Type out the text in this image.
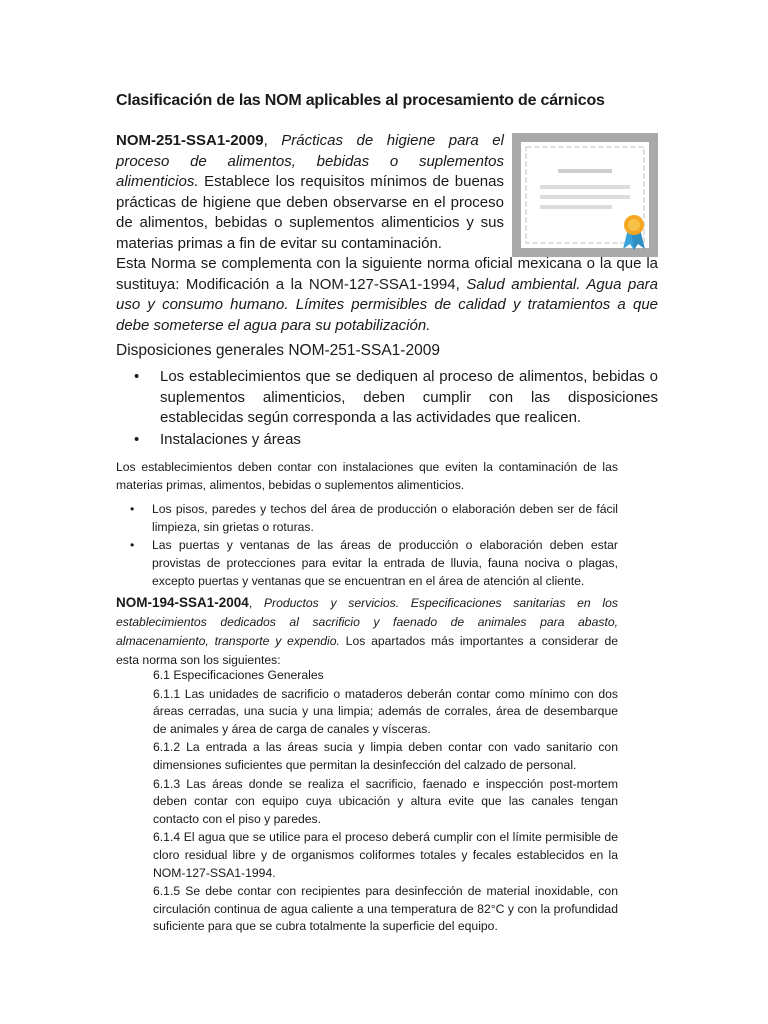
Clasificación de las NOM aplicables al procesamiento de cárnicos
NOM-251-SSA1-2009, Prácticas de higiene para el proceso de alimentos, bebidas o suplementos alimenticios. Establece los requisitos mínimos de buenas prácticas de higiene que deben observarse en el proceso de alimentos, bebidas o suplementos alimenticios y sus materias primas a fin de evitar su contaminación.
Esta Norma se complementa con la siguiente norma oficial mexicana o la que la sustituya: Modificación a la NOM-127-SSA1-1994, Salud ambiental. Agua para uso y consumo humano. Límites permisibles de calidad y tratamientos a que debe someterse el agua para su potabilización.
Disposiciones generales NOM-251-SSA1-2009
• Los establecimientos que se dediquen al proceso de alimentos, bebidas o suplementos alimenticios, deben cumplir con las disposiciones establecidas según corresponda a las actividades que realicen.
• Instalaciones y áreas
Los establecimientos deben contar con instalaciones que eviten la contaminación de las materias primas, alimentos, bebidas o suplementos alimenticios.
• Los pisos, paredes y techos del área de producción o elaboración deben ser de fácil limpieza, sin grietas o roturas.
• Las puertas y ventanas de las áreas de producción o elaboración deben estar provistas de protecciones para evitar la entrada de lluvia, fauna nociva o plagas, excepto puertas y ventanas que se encuentran en el área de atención al cliente.
NOM-194-SSA1-2004, Productos y servicios. Especificaciones sanitarias en los establecimientos dedicados al sacrificio y faenado de animales para abasto, almacenamiento, transporte y expendio. Los apartados más importantes a considerar de esta norma son los siguientes:
6.1 Especificaciones Generales
6.1.1 Las unidades de sacrificio o mataderos deberán contar como mínimo con dos áreas cerradas, una sucia y una limpia; además de corrales, área de desembarque de animales y área de carga de canales y vísceras.
6.1.2 La entrada a las áreas sucia y limpia deben contar con vado sanitario con dimensiones suficientes que permitan la desinfección del calzado de personal.
6.1.3 Las áreas donde se realiza el sacrificio, faenado e inspección post-mortem deben contar con equipo cuya ubicación y altura evite que las canales tengan contacto con el piso y paredes.
6.1.4 El agua que se utilice para el proceso deberá cumplir con el límite permisible de cloro residual libre y de organismos coliformes totales y fecales establecidos en la NOM-127-SSA1-1994.
6.1.5 Se debe contar con recipientes para desinfección de material inoxidable, con circulación continua de agua caliente a una temperatura de 82°C y con la profundidad suficiente para que se cubra totalmente la superficie del equipo.
